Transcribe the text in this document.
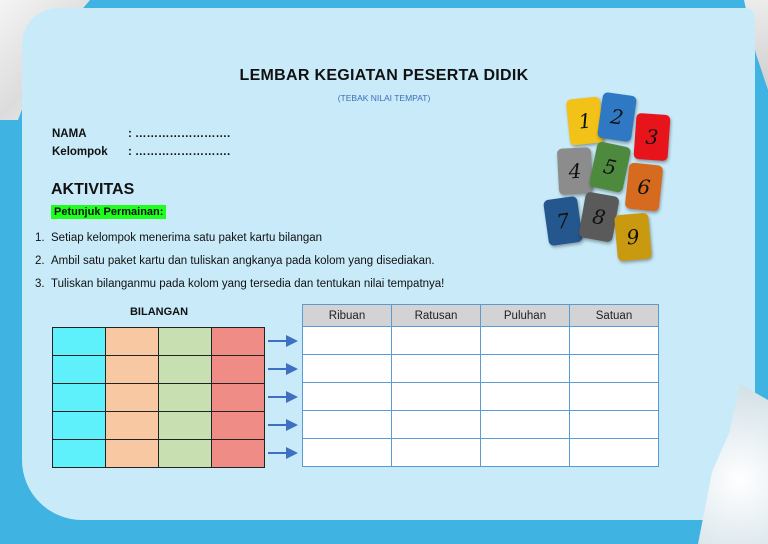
LEMBAR KEGIATAN PESERTA DIDIK
(TEBAK NILAI TEMPAT)
NAMA	: …………………….
Kelompok : …………………….
AKTIVITAS
Petunjuk Permainan:
1. Setiap kelompok menerima satu paket kartu bilangan
2. Ambil satu paket kartu dan tuliskan angkanya pada kolom yang disediakan.
3. Tuliskan bilanganmu pada kolom yang tersedia dan tentukan nilai tempatnya!
1 2
3
4 5
6
7 8
9
BILANGAN

				Ribuan	Ratusan	Puluhan	Satuan
